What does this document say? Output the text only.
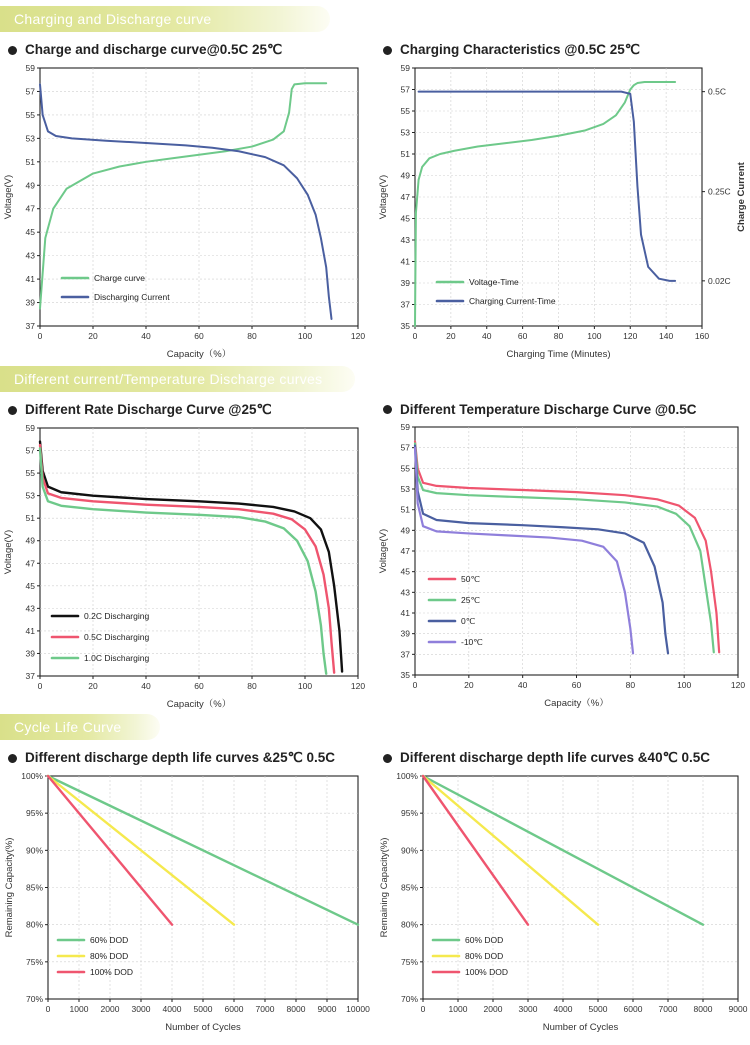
Charging and Discharge curve
Charge and discharge curve@0.5C 25℃
0	20	40	60	80	100	120
37
39
41
43
45
47
49
51
53
55
57
59
Capacity（%）
Voltage(V)
Charge curve
Discharging Current
Charging Characteristics @0.5C 25℃
0	20	40	60	80	100	120	140	160
35
37
39
41
43
45
47
49
51
53
55
57
59
0.5C
0.25C
0.02C
Charge Current
Charging Time (Minutes)
Voltage(V)
Voltage-Time
Charging Current-Time
Different current/Temperature Discharge curves
Different Rate Discharge Curve @25℃
0	20	40	60	80	100	120
37
39
41
43
45
47
49
51
53
55
57
59
Capacity（%）
Voltage(V)
0.2C Discharging
0.5C Discharging
1.0C Discharging
Different Temperature Discharge Curve @0.5C
0	20	40	60	80	100	120
35
37
39
41
43
45
47
49
51
53
55
57
59
Capacity（%）
Voltage(V)
50℃
25℃
0℃
-10℃
Cycle Life Curve
Different discharge depth life curves &25℃ 0.5C
0 1000 2000 3000 4000 5000 6000 7000 8000 9000 10000
70%
75%
80%
85%
90%
95%
100%
Number of Cycles
Remaining Capacity(%)
60% DOD
80% DOD
100% DOD
Different discharge depth life curves &40℃ 0.5C
0	1000 2000 3000 4000 5000 6000 7000 8000 9000
70%
75%
80%
85%
90%
95%
100%
Number of Cycles
Remaining Capacity(%)
60% DOD
80% DOD
100% DOD
